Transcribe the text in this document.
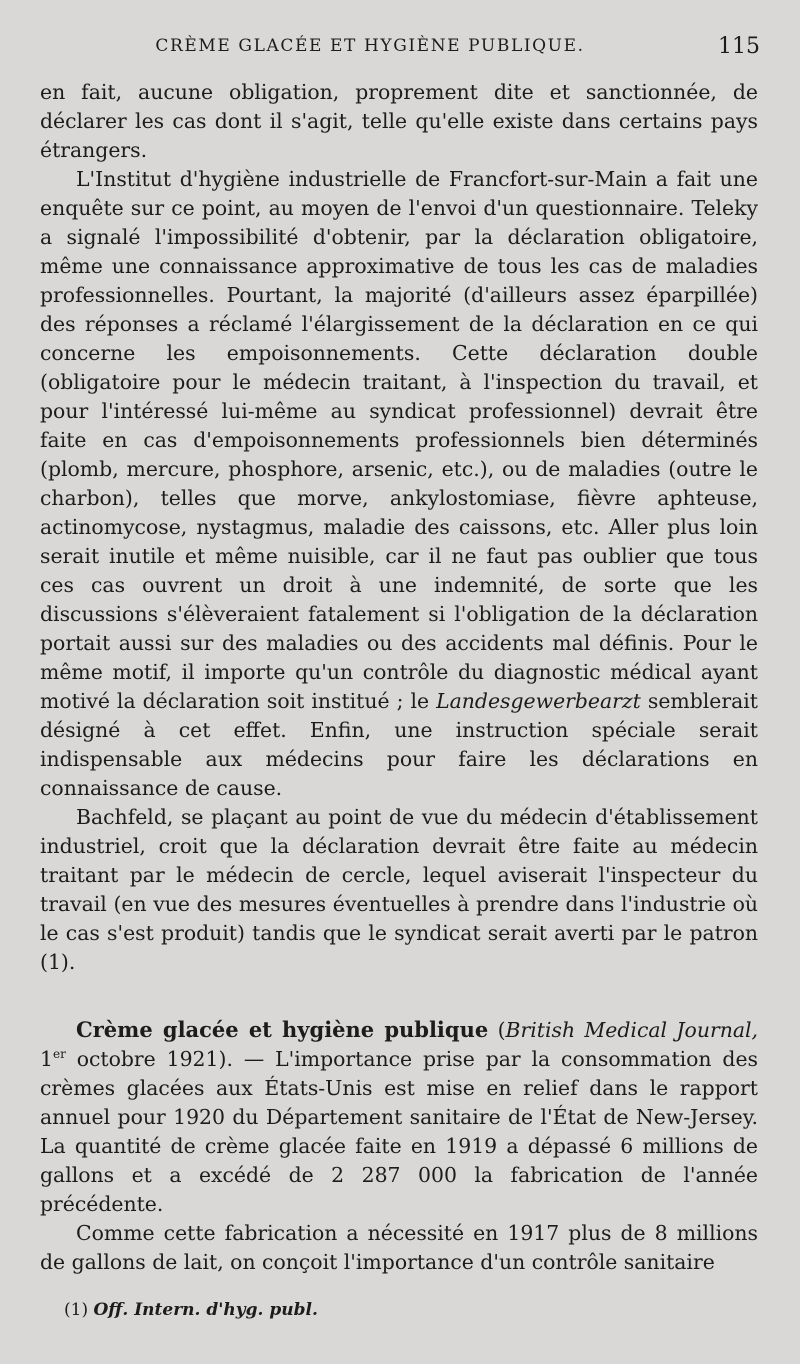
CRÈME GLACÉE ET HYGIÈNE PUBLIQUE.	115

en fait, aucune obligation, proprement dite et sanctionnée, de déclarer les cas dont il s'agit, telle qu'elle existe dans certains pays étrangers.

L'Institut d'hygiène industrielle de Francfort-sur-Main a fait une enquête sur ce point, au moyen de l'envoi d'un questionnaire. Teleky a signalé l'impossibilité d'obtenir, par la déclaration obligatoire, même une connaissance approximative de tous les cas de maladies professionnelles. Pourtant, la majorité (d'ailleurs assez éparpillée) des réponses a réclamé l'élargissement de la déclaration en ce qui concerne les empoisonnements. Cette déclaration double (obligatoire pour le médecin traitant, à l'inspection du travail, et pour l'intéressé lui-même au syndicat professionnel) devrait être faite en cas d'empoisonnements professionnels bien déterminés (plomb, mercure, phosphore, arsenic, etc.), ou de maladies (outre le charbon), telles que morve, ankylostomiase, fièvre aphteuse, actinomycose, nystagmus, maladie des caissons, etc. Aller plus loin serait inutile et même nuisible, car il ne faut pas oublier que tous ces cas ouvrent un droit à une indemnité, de sorte que les discussions s'élèveraient fatalement si l'obligation de la déclaration portait aussi sur des maladies ou des accidents mal définis. Pour le même motif, il importe qu'un contrôle du diagnostic médical ayant motivé la déclaration soit institué ; le Landesgewerbearzt semblerait désigné à cet effet. Enfin, une instruction spéciale serait indispensable aux médecins pour faire les déclarations en connaissance de cause.

Bachfeld, se plaçant au point de vue du médecin d'établissement industriel, croit que la déclaration devrait être faite au médecin traitant par le médecin de cercle, lequel aviserait l'inspecteur du travail (en vue des mesures éventuelles à prendre dans l'industrie où le cas s'est produit) tandis que le syndicat serait averti par le patron (1).

Crème glacée et hygiène publique (British Medical Journal, 1er octobre 1921). — L'importance prise par la consommation des crèmes glacées aux États-Unis est mise en relief dans le rapport annuel pour 1920 du Département sanitaire de l'État de New-Jersey. La quantité de crème glacée faite en 1919 a dépassé 6 millions de gallons et a excédé de 2 287 000 la fabrication de l'année précédente.

Comme cette fabrication a nécessité en 1917 plus de 8 millions de gallons de lait, on conçoit l'importance d'un contrôle sanitaire

(1) Off. Intern. d'hyg. publ.
